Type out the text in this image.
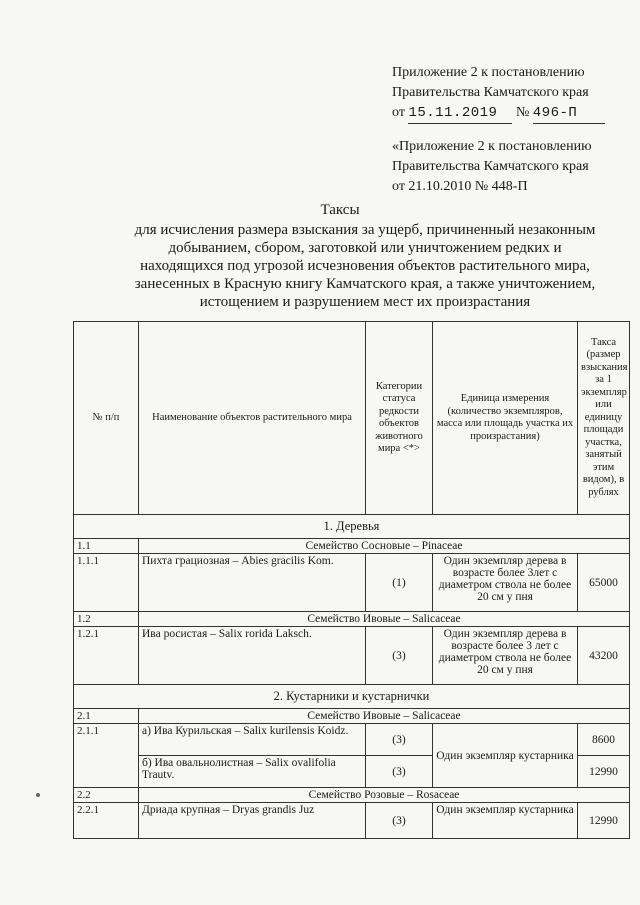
Приложение 2 к постановлению
Правительства Камчатского края
от 15.11.2019 № 496-П
«Приложение 2 к постановлению
Правительства Камчатского края
от 21.10.2010 № 448-П
Таксы
для исчисления размера взыскания за ущерб, причиненный незаконным добыванием, сбором, заготовкой или уничтожением редких и находящихся под угрозой исчезновения объектов растительного мира, занесенных в Красную книгу Камчатского края, а также уничтожением, истощением и разрушением мест их произрастания
№ п/п	Наименование объектов растительного мира	Категории статуса редкости объектов животного мира <*>	Единица измерения (количество экземпляров, масса или площадь участка их произрастания)	Такса (размер взыскания за 1 экземпляр или единицу площади участка, занятый этим видом), в рублях
1. Деревья				
1.1	Семейство Сосновые – Pinaceae			
1.1.1	Пихта грациозная – Abies gracilis Kom.	(1)	Один экземпляр дерева в возрасте более 3лет с диаметром ствола не более 20 см у пня	65000
1.2	Семейство Ивовые – Salicaceae			
1.2.1	Ива росистая – Salix rorida Laksch.	(3)	Один экземпляр дерева в возрасте более 3 лет с диаметром ствола не более 20 см у пня	43200
2. Кустарники и кустарнички				
2.1	Семейство Ивовые – Salicaceae			
2.1.1	а) Ива Курильская – Salix kurilensis Koidz.	(3)	Один экземпляр кустарника	8600
	б) Ива овальнолистная – Salix ovalifolia Trautv.	(3)		12990
2.2	Семейство Розовые – Rosaceae			
2.2.1	Дриада крупная – Dryas grandis Juz	(3)	Один экземпляр кустарника	12990
